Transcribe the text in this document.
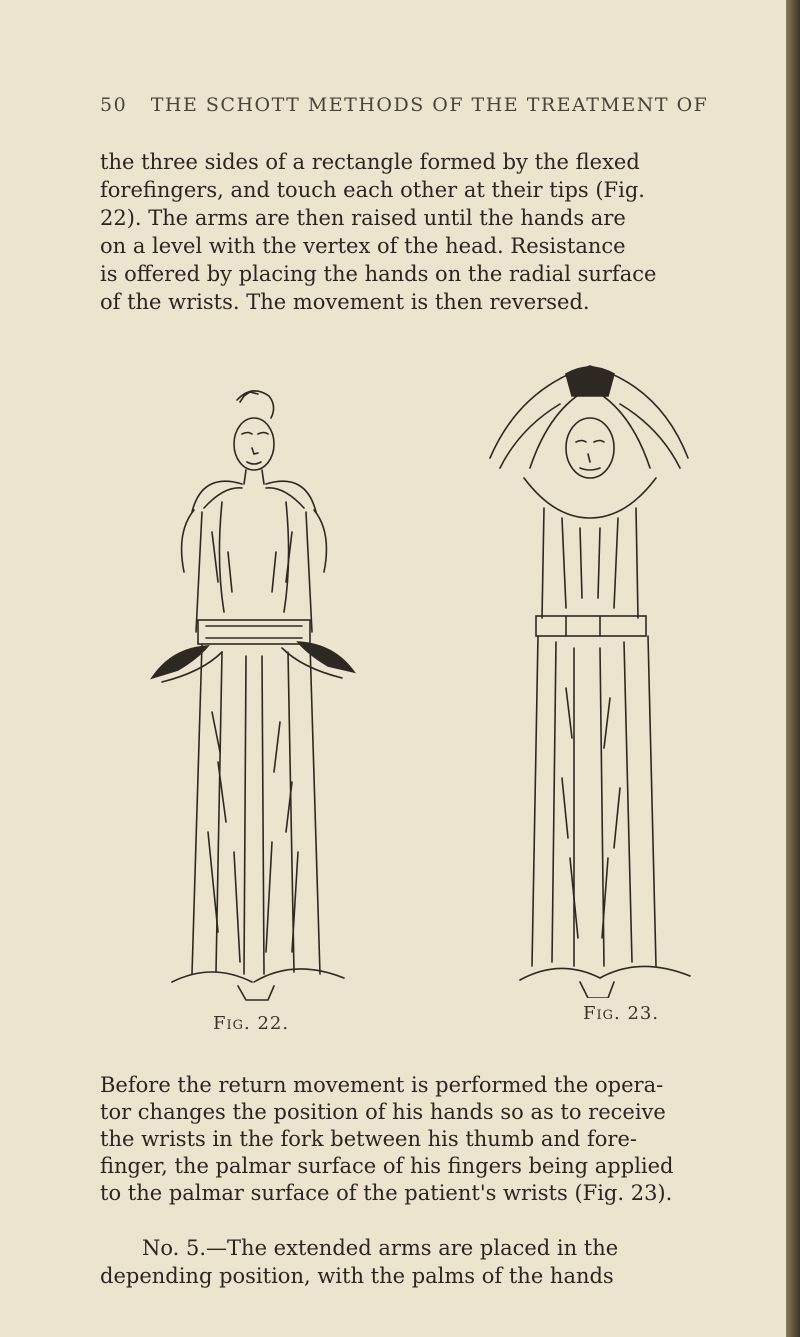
50 THE SCHOTT METHODS OF THE TREATMENT OF
the three sides of a rectangle formed by the flexed
forefingers, and touch each other at their tips (Fig.
22). The arms are then raised until the hands are
on a level with the vertex of the head. Resistance
is offered by placing the hands on the radial surface
of the wrists. The movement is then reversed.
Fig. 22.	Fig. 23.
Before the return movement is performed the opera-
tor changes the position of his hands so as to receive
the wrists in the fork between his thumb and fore-
finger, the palmar surface of his fingers being applied
to the palmar surface of the patient's wrists (Fig. 23).
No. 5.—The extended arms are placed in the
depending position, with the palms of the hands
